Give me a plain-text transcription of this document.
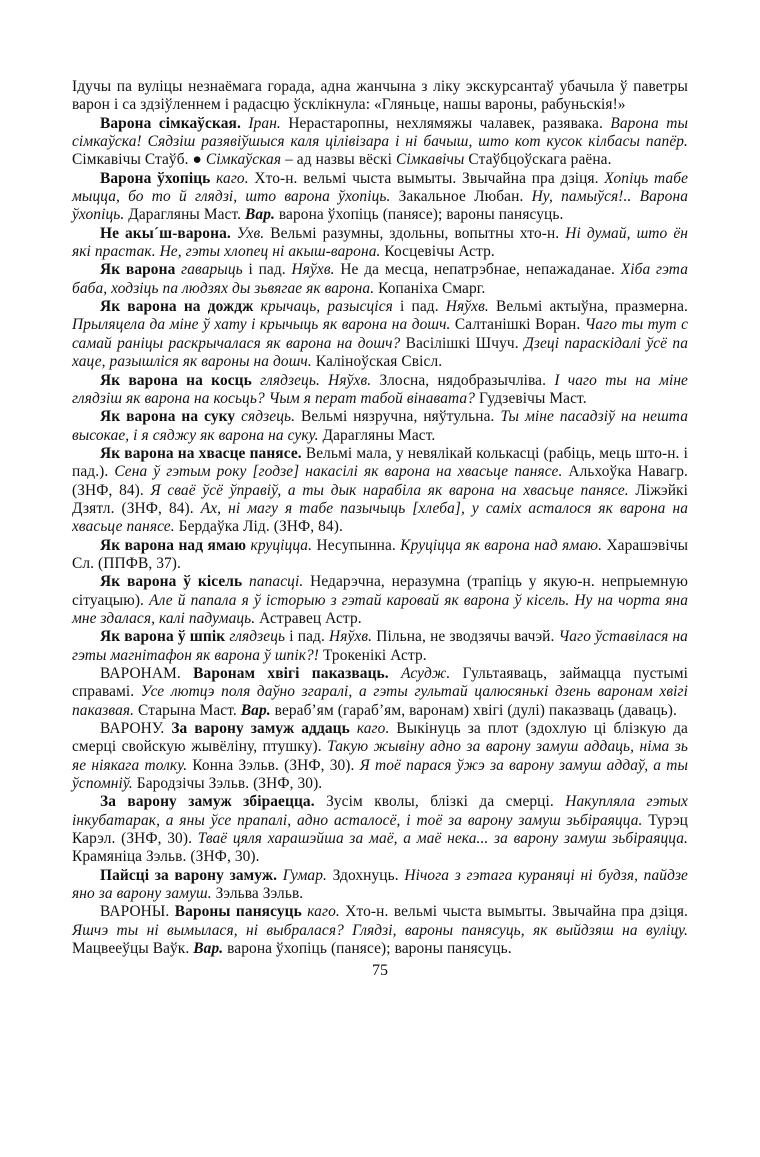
Ідучы па вуліцы незнаёмага горада, адна жанчына з ліку экскурсантаў убачыла ў паветры варон і са здзіўленнем і радасцю ўсклікнула: «Гляньце, нашы вароны, рабуньскія!»

Варона сімкаўская. Іран. Нерастаропны, нехлямяжы чалавек, разявака. Варона ты сімкаўска! Сядзіш разявіўшыся каля цілівізара і ні бачыш, што кот кусок кілбасы папёр. Сімкавічы Стаўб. ● Сімкаўская – ад назвы вёскі Сімкавічы Стаўбцоўскага раёна.

Варона ўхопіць каго. Хто-н. вельмі чыста вымыты. Звычайна пра дзіця. Хопіць табе мыцца, бо то й глядзі, што варона ўхопіць. Закальное Любан. Ну, памыўся!.. Варона ўхопіць. Дарагляны Маст. Вар. варона ўхопіць (панясе); вароны панясуць.

Не акы´ш-варона. Ухв. Вельмі разумны, здольны, вопытны хто-н. Ні думай, што ён які прастак. Не, гэты хлопец ні акыш-варона. Косцевічы Астр.

Як варона гаварыць і пад. Няўхв. Не да месца, непатрэбнае, непажаданае. Хіба гэта баба, ходзіць па людзях ды зьвягае як варона. Копаніха Смарг.

Як варона на дождж крычаць, разысціся і пад. Няўхв. Вельмі актыўна, празмерна. Прыляцела да міне ў хату і крычыць як варона на дошч. Салтанішкі Воран. Чаго ты тут с самай раніцы раскрычалася як варона на дошч? Васілішкі Шчуч. Дзеці параскідалі ўсё па хаце, разышліся як вароны на дошч. Каліноўская Свісл.

Як варона на косць глядзець. Няўхв. Злосна, нядобразычліва. І чаго ты на міне глядзіш як варона на косьць? Чым я перат табой вінавата? Гудзевічы Маст.

Як варона на суку сядзець. Вельмі нязручна, няўтульна. Ты міне пасадзіў на нешта высокае, і я сяджу як варона на суку. Дарагляны Маст.

Як варона на хвасце панясе. Вельмі мала, у невялікай колькасці (рабіць, мець што-н. і пад.). Сена ў гэтым року [годзе] накасілі як варона на хвасьце панясе. Альхоўка Навагр. (ЗНФ, 84). Я сваё ўсё ўправіў, а ты дык нарабіла як варона на хвасьце панясе. Ліжэйкі Дзятл. (ЗНФ, 84). Ах, ні магу я табе пазычыць [хлеба], у саміх асталося як варона на хвасьце панясе. Бердаўка Лід. (ЗНФ, 84).

Як варона над ямаю круціцца. Несупынна. Круціцца як варона над ямаю. Харашэвічы Сл. (ППФВ, 37).

Як варона ў кісель папасці. Недарэчна, неразумна (трапіць у якую-н. непрыемную сітуацыю). Але й папала я ў історыю з гэтай каровай як варона ў кісель. Ну на чорта яна мне здалася, калі падумаць. Астравец Астр.

Як варона ў шпік глядзець і пад. Няўхв. Пільна, не зводзячы вачэй. Чаго ўставілася на гэты магнітафон як варона ў шпік?! Трокенікі Астр.

ВАРОНАМ. Варонам хвігі паказваць. Асудж. Гультаяваць, займацца пустымі справамі. Усе лютцэ поля даўно згаралі, а гэты гультай цалюсянькі дзень варонам хвігі паказвая. Старына Маст. Вар. вераб’ям (гараб’ям, варонам) хвігі (дулі) паказваць (даваць).

ВАРОНУ. За варону замуж аддаць каго. Выкінуць за плот (здохлую ці блізкую да смерці свойскую жывёліну, птушку). Такую жывіну адно за варону замуш аддаць, німа зь яе ніякага толку. Конна Зэльв. (ЗНФ, 30). Я тоё парася ўжэ за варону замуш аддаў, а ты ўспомніў. Бародзічы Зэльв. (ЗНФ, 30).

За варону замуж збіраецца. Зусім кволы, блізкі да смерці. Накупляла гэтых інкубатарак, а яны ўсе прапалі, адно асталосё, і тоё за варону замуш зьбіраяцца. Турэц Карэл. (ЗНФ, 30). Тваё цяля харашэйша за маё, а маё нека... за варону замуш зьбіраяцца. Крамяніца Зэльв. (ЗНФ, 30).

Пайсці за варону замуж. Гумар. Здохнуць. Нічога з гэтага кураняці ні будзя, пайдзе яно за варону замуш. Зэльва Зэльв.

ВАРОНЫ. Вароны панясуць каго. Хто-н. вельмі чыста вымыты. Звычайна пра дзіця. Яшчэ ты ні вымылася, ні выбралася? Глядзі, вароны панясуць, як выйдзяш на вуліцу. Мацвееўцы Ваўк. Вар. варона ўхопіць (панясе); вароны панясуць.

75
